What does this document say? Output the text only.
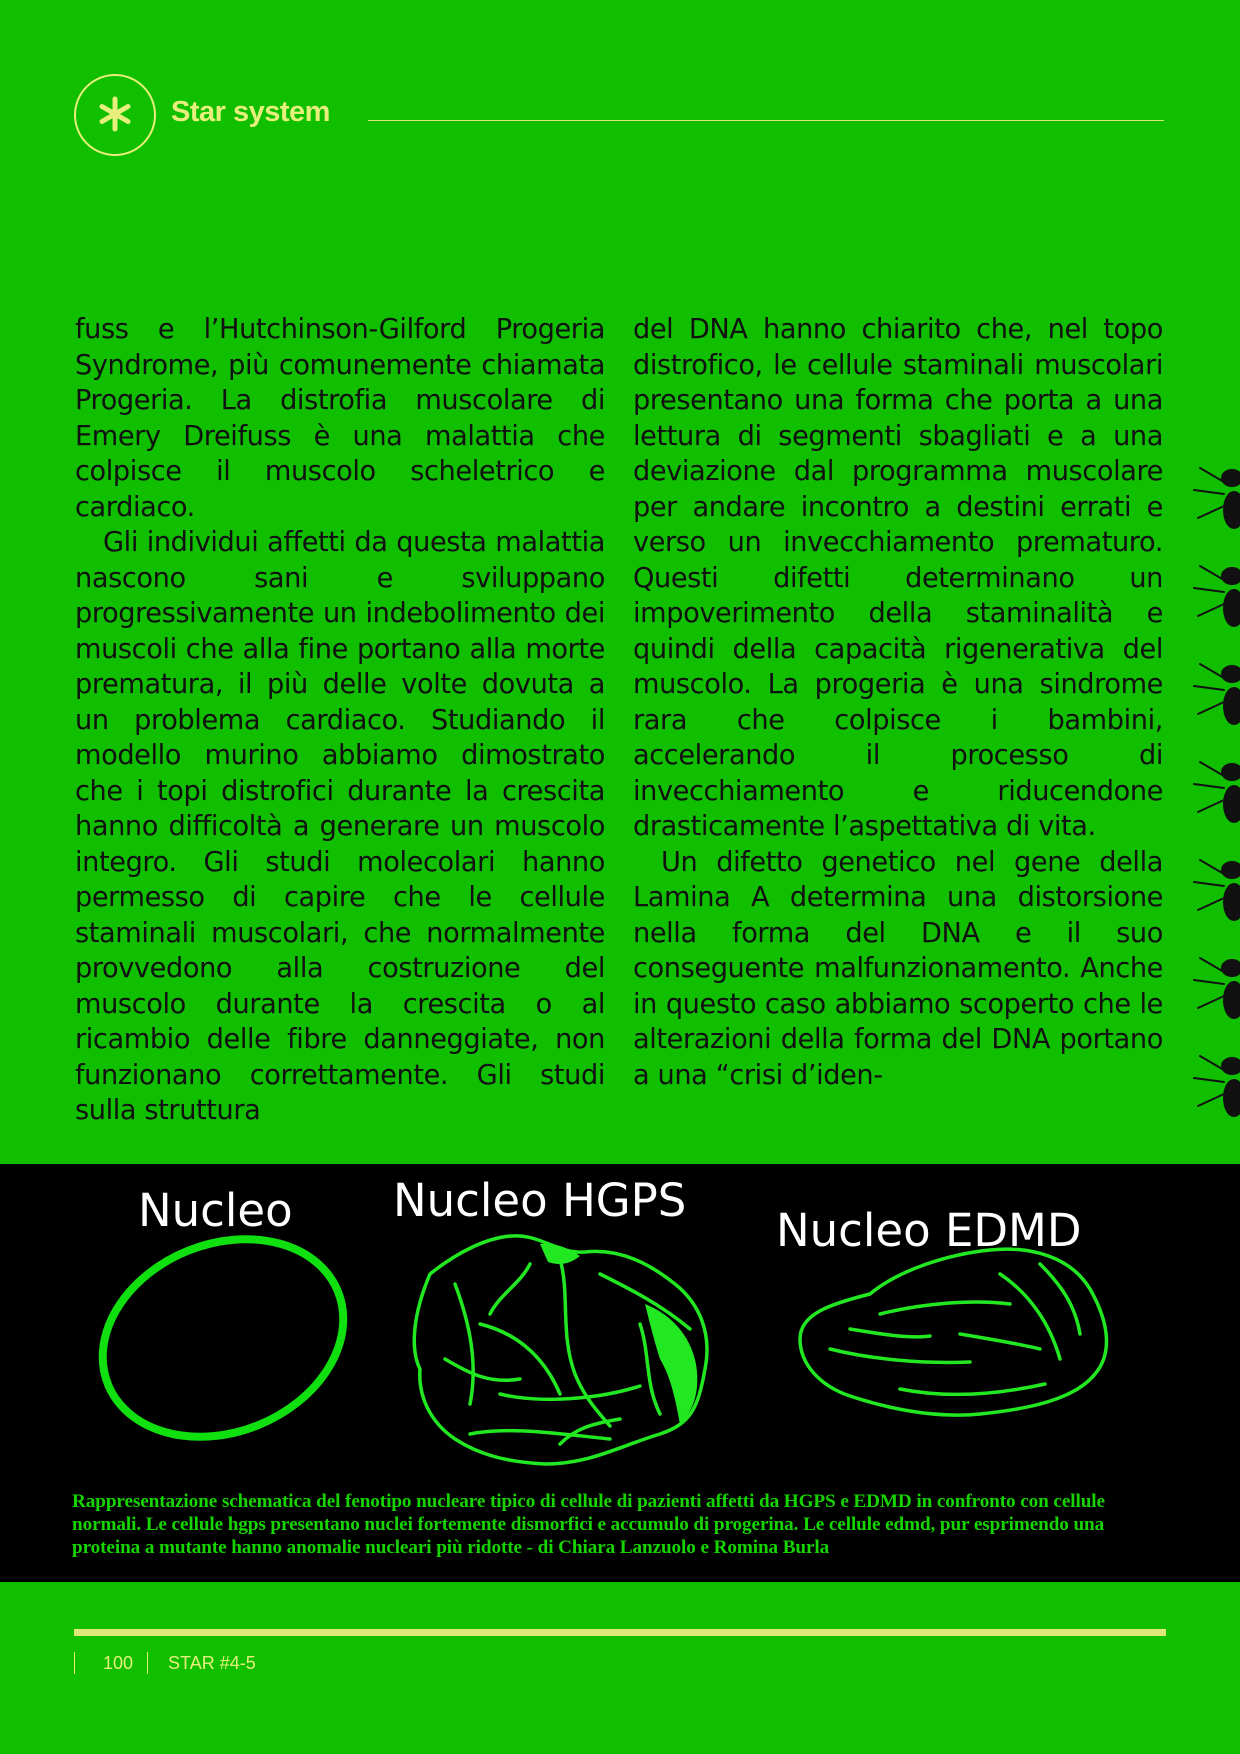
Star system

fuss e l’Hutchinson-Gilford Progeria Syndrome, più comunemente chiamata Progeria. La distrofia muscolare di Emery Dreifuss è una malattia che colpisce il muscolo scheletrico e cardiaco.

Gli individui affetti da questa malattia nascono sani e sviluppano progressivamente un indebolimento dei muscoli che alla fine portano alla morte prematura, il più delle volte dovuta a un problema cardiaco. Studiando il modello murino abbiamo dimostrato che i topi distrofici durante la crescita hanno difficoltà a generare un muscolo integro. Gli studi molecolari hanno permesso di capire che le cellule staminali muscolari, che normalmente provvedono alla costruzione del muscolo durante la crescita o al ricambio delle fibre danneggiate, non funzionano correttamente. Gli studi sulla struttura

del DNA hanno chiarito che, nel topo distrofico, le cellule staminali muscolari presentano una forma che porta a una lettura di segmenti sbagliati e a una deviazione dal programma muscolare per andare incontro a destini errati e verso un invecchiamento prematuro. Questi difetti determinano un impoverimento della staminalità e quindi della capacità rigenerativa del muscolo. La progeria è una sindrome rara che colpisce i bambini, accelerando il processo di invecchiamento e riducendone drasticamente l’aspettativa di vita.

Un difetto genetico nel gene della Lamina A determina una distorsione nella forma del DNA e il suo conseguente malfunzionamento. Anche in questo caso abbiamo scoperto che le alterazioni della forma del DNA portano a una “crisi d’iden-

Nucleo Nucleo HGPS
Nucleo EDMD
Rappresentazione schematica del fenotipo nucleare tipico di cellule di pazienti affetti da HGPS e EDMD in confronto con cellule normali. Le cellule hgps presentano nuclei fortemente dismorfici e accumulo di progerina. Le cellule edmd, pur esprimendo una proteina a mutante hanno anomalie nucleari più ridotte - di Chiara Lanzuolo e Romina Burla
100 STAR #4-5
